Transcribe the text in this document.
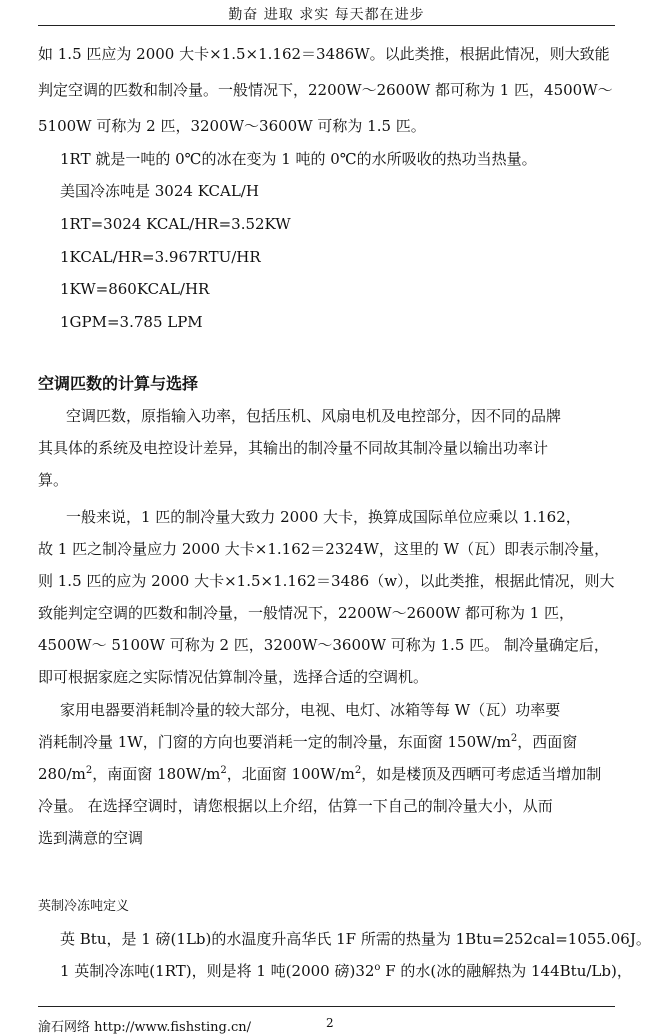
勤奋 进取 求实 每天都在进步
如 1.5 匹应为 2000 大卡×1.5×1.162＝3486W。以此类推，根据此情况，则大致能
判定空调的匹数和制冷量。一般情况下，2200W～2600W 都可称为 1 匹，4500W～
5100W 可称为 2 匹，3200W～3600W 可称为 1.5 匹。
1RT 就是一吨的 0℃的冰在变为 1 吨的 0℃的水所吸收的热功当热量。
美国冷冻吨是 3024 KCAL/H
1RT=3024 KCAL/HR=3.52KW
1KCAL/HR=3.967RTU/HR
1KW=860KCAL/HR
1GPM=3.785 LPM
空调匹数的计算与选择
空调匹数，原指输入功率，包括压机、风扇电机及电控部分，因不同的品牌
其具体的系统及电控设计差异，其输出的制冷量不同故其制冷量以输出功率计
算。
一般来说，1 匹的制冷量大致力 2000 大卡，换算成国际单位应乘以 1.162，
故 1 匹之制冷量应力 2000 大卡×1.162＝2324W，这里的 W（瓦）即表示制冷量，
则 1.5 匹的应为 2000 大卡×1.5×1.162＝3486（w），以此类推，根据此情况，则大
致能判定空调的匹数和制冷量，一般情况下，2200W～2600W 都可称为 1 匹，
4500W～ 5100W 可称为 2 匹，3200W～3600W 可称为 1.5 匹。 制冷量确定后，
即可根据家庭之实际情况估算制冷量，选择合适的空调机。
家用电器要消耗制冷量的较大部分，电视、电灯、冰箱等每 W（瓦）功率要
消耗制冷量 1W，门窗的方向也要消耗一定的制冷量，东面窗 $150W/m^2$，西面窗
$280/m^2$，南面窗 $180W/m^2$，北面窗 $100W/m^2$，如是楼顶及西晒可考虑适当增加制
冷量。 在选择空调时，请您根据以上介绍，估算一下自己的制冷量大小，从而
选到满意的空调
英制冷冻吨定义
英 Btu，是 1 磅(1Lb)的水温度升高华氏 1F 所需的热量为 1Btu=252cal=1055.06J。
1 英制冷冻吨(1RT)，则是将 1 吨(2000 磅)32$^o$ F 的水(冰的融解热为 144Btu/Lb)，
渝石网络 http://www.fishsting.cn/	2
